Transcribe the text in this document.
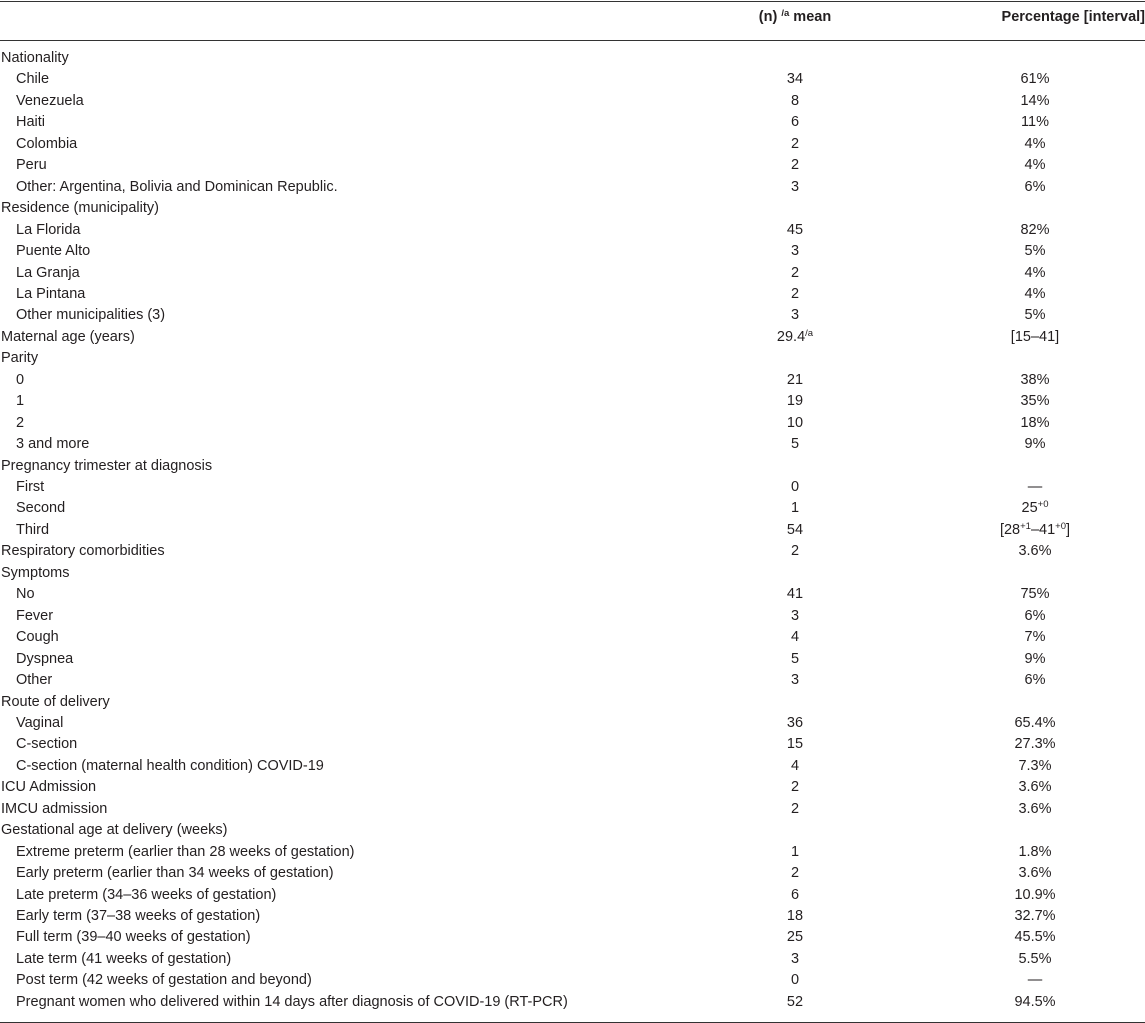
(n) $^{/a}$ mean	Percentage [interval]
Nationality
Chile	34	61%
Venezuela	8	14%
Haiti	6	11%
Colombia	2	4%
Peru	2	4%
Other: Argentina, Bolivia and Dominican Republic.	3	6%
Residence (municipality)
La Florida	45	82%
Puente Alto	3	5%
La Granja	2	4%
La Pintana	2	4%
Other municipalities (3)	3	5%
Maternal age (years)	$29.4^{/a}$	[15–41]
Parity
0	21	38%
1	19	35%
2	10	18%
3 and more	5	9%
Pregnancy trimester at diagnosis
First	0	—
Second	1	$25^{+0}$
Third	54	$[28^{+1}-41^{+0}]$
Respiratory comorbidities	2	3.6%
Symptoms
No	41	75%
Fever	3	6%
Cough	4	7%
Dyspnea	5	9%
Other	3	6%
Route of delivery
Vaginal	36	65.4%
C-section	15	27.3%
C-section (maternal health condition) COVID-19	4	7.3%
ICU Admission	2	3.6%
IMCU admission	2	3.6%
Gestational age at delivery (weeks)
Extreme preterm (earlier than 28 weeks of gestation)	1	1.8%
Early preterm (earlier than 34 weeks of gestation)	2	3.6%
Late preterm (34–36 weeks of gestation)	6	10.9%
Early term (37–38 weeks of gestation)	18	32.7%
Full term (39–40 weeks of gestation)	25	45.5%
Late term (41 weeks of gestation)	3	5.5%
Post term (42 weeks of gestation and beyond)	0	—
Pregnant women who delivered within 14 days after diagnosis of COVID-19 (RT-PCR)	52	94.5%
